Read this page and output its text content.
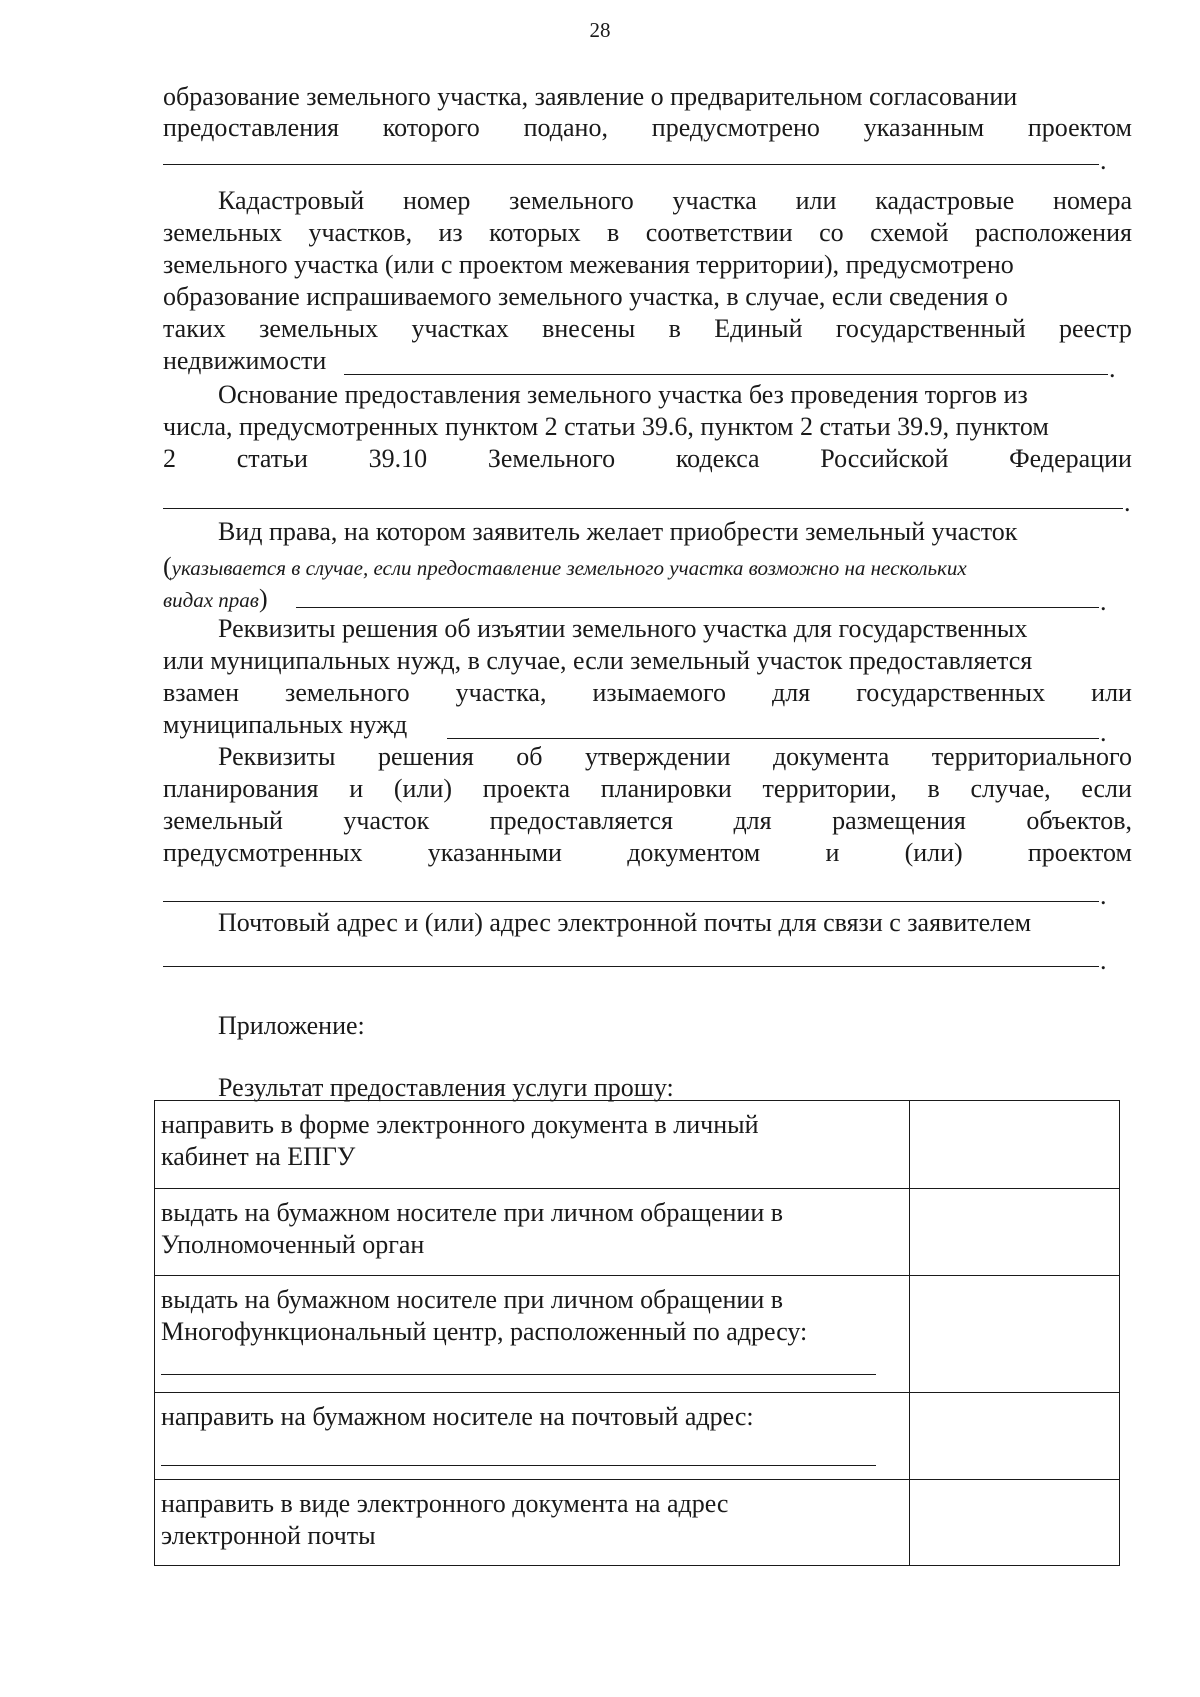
28
образование земельного участка, заявление о предварительном согласовании
предоставления которого подано, предусмотрено указанным проектом
.
Кадастровый номер земельного участка или кадастровые номера
земельных участков, из которых в соответствии со схемой расположения
земельного участка (или с проектом межевания территории), предусмотрено
образование испрашиваемого земельного участка, в случае, если сведения о
таких земельных участках внесены в Единый государственный реестр
недвижимости	.
Основание предоставления земельного участка без проведения торгов из
числа, предусмотренных пунктом 2 статьи 39.6, пунктом 2 статьи 39.9, пунктом
2 статьи 39.10 Земельного кодекса Российской Федерации
.
Вид права, на котором заявитель желает приобрести земельный участок
(указывается в случае, если предоставление земельного участка возможно на нескольких
видах прав)	.
Реквизиты решения об изъятии земельного участка для государственных
или муниципальных нужд, в случае, если земельный участок предоставляется
взамен земельного участка, изымаемого для государственных или
муниципальных нужд	.
Реквизиты решения об утверждении документа территориального
планирования и (или) проекта планировки территории, в случае, если
земельный участок предоставляется для размещения объектов,
предусмотренных	указанными	документом	и	(или)	проектом
.
Почтовый адрес и (или) адрес электронной почты для связи с заявителем
.
Приложение:
Результат предоставления услуги прошу:
направить в форме электронного документа в личный
кабинет на ЕПГУ	

выдать на бумажном носителе при личном обращении в
Уполномоченный орган	

выдать на бумажном носителе при личном обращении в
Многофункциональный центр, расположенный по адресу:	

направить на бумажном носителе на почтовый адрес:	

направить в виде электронного документа на адрес
электронной почты	
